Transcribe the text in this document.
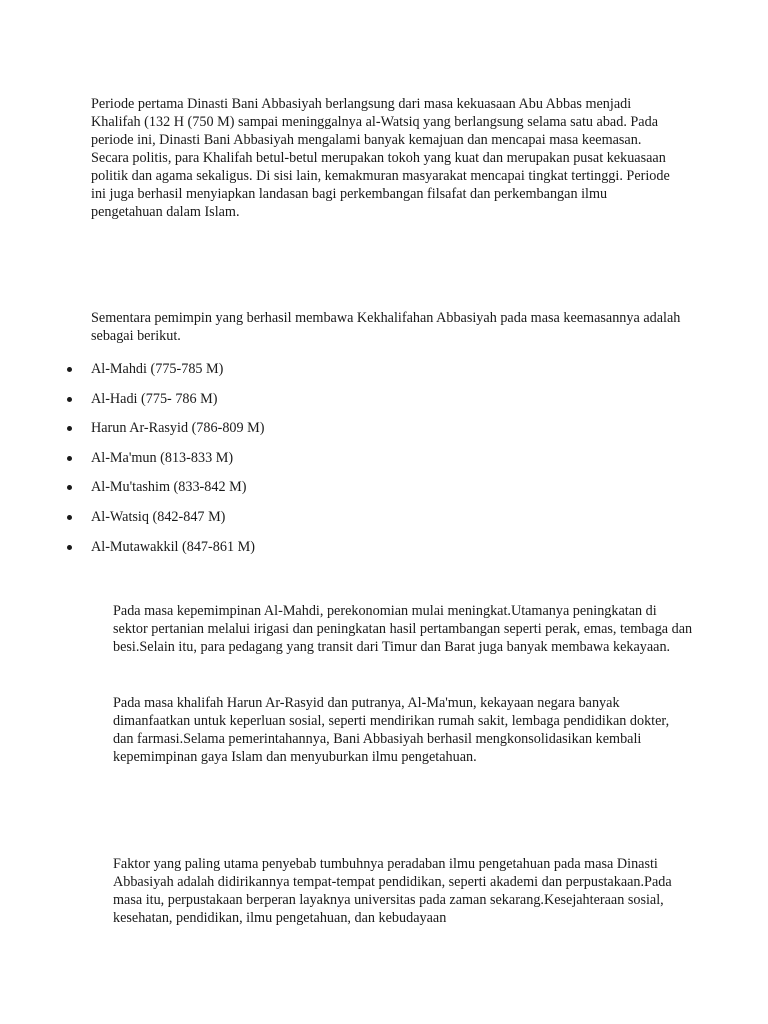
Periode pertama Dinasti Bani Abbasiyah berlangsung dari masa kekuasaan Abu Abbas menjadi Khalifah (132 H (750 M) sampai meninggalnya al-Watsiq yang berlangsung selama satu abad. Pada periode ini, Dinasti Bani Abbasiyah mengalami banyak kemajuan dan mencapai masa keemasan. Secara politis, para Khalifah betul-betul merupakan tokoh yang kuat dan merupakan pusat kekuasaan politik dan agama sekaligus. Di sisi lain, kemakmuran masyarakat mencapai tingkat tertinggi. Periode ini juga berhasil menyiapkan landasan bagi perkembangan filsafat dan perkembangan ilmu pengetahuan dalam Islam.

Sementara pemimpin yang berhasil membawa Kekhalifahan Abbasiyah pada masa keemasannya adalah sebagai berikut.

Al-Mahdi (775-785 M)
Al-Hadi (775- 786 M)
Harun Ar-Rasyid (786-809 M)
Al-Ma'mun (813-833 M)
Al-Mu'tashim (833-842 M)
Al-Watsiq (842-847 M)
Al-Mutawakkil (847-861 M)

Pada masa kepemimpinan Al-Mahdi, perekonomian mulai meningkat.Utamanya peningkatan di sektor pertanian melalui irigasi dan peningkatan hasil pertambangan seperti perak, emas, tembaga dan besi.Selain itu, para pedagang yang transit dari Timur dan Barat juga banyak membawa kekayaan.

Pada masa khalifah Harun Ar-Rasyid dan putranya, Al-Ma'mun, kekayaan negara banyak dimanfaatkan untuk keperluan sosial, seperti mendirikan rumah sakit, lembaga pendidikan dokter, dan farmasi.Selama pemerintahannya, Bani Abbasiyah berhasil mengkonsolidasikan kembali kepemimpinan gaya Islam dan menyuburkan ilmu pengetahuan.

Faktor yang paling utama penyebab tumbuhnya peradaban ilmu pengetahuan pada masa Dinasti Abbasiyah adalah didirikannya tempat-tempat pendidikan, seperti akademi dan perpustakaan.Pada masa itu, perpustakaan berperan layaknya universitas pada zaman sekarang.Kesejahteraan sosial, kesehatan, pendidikan, ilmu pengetahuan, dan kebudayaan
